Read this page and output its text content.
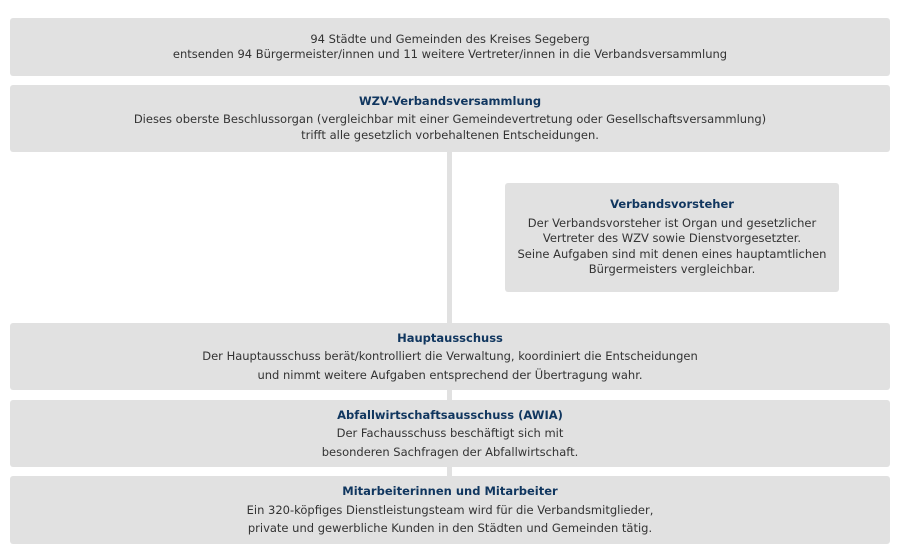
94 Städte und Gemeinden des Kreises Segeberg
entsenden 94 Bürgermeister/innen und 11 weitere Vertreter/innen in die Verbandsversammlung
WZV-Verbandsversammlung
Dieses oberste Beschlussorgan (vergleichbar mit einer Gemeindevertretung oder Gesellschaftsversammlung)
trifft alle gesetzlich vorbehaltenen Entscheidungen.
Verbandsvorsteher
Der Verbandsvorsteher ist Organ und gesetzlicher
Vertreter des WZV sowie Dienstvorgesetzter.
Seine Aufgaben sind mit denen eines hauptamtlichen
Bürgermeisters vergleichbar.
Hauptausschuss
Der Hauptausschuss berät/kontrolliert die Verwaltung, koordiniert die Entscheidungen
und nimmt weitere Aufgaben entsprechend der Übertragung wahr.
Abfallwirtschaftsausschuss (AWIA)
Der Fachausschuss beschäftigt sich mit
besonderen Sachfragen der Abfallwirtschaft.
Mitarbeiterinnen und Mitarbeiter
Ein 320-köpfiges Dienstleistungsteam wird für die Verbandsmitglieder,
private und gewerbliche Kunden in den Städten und Gemeinden tätig.
